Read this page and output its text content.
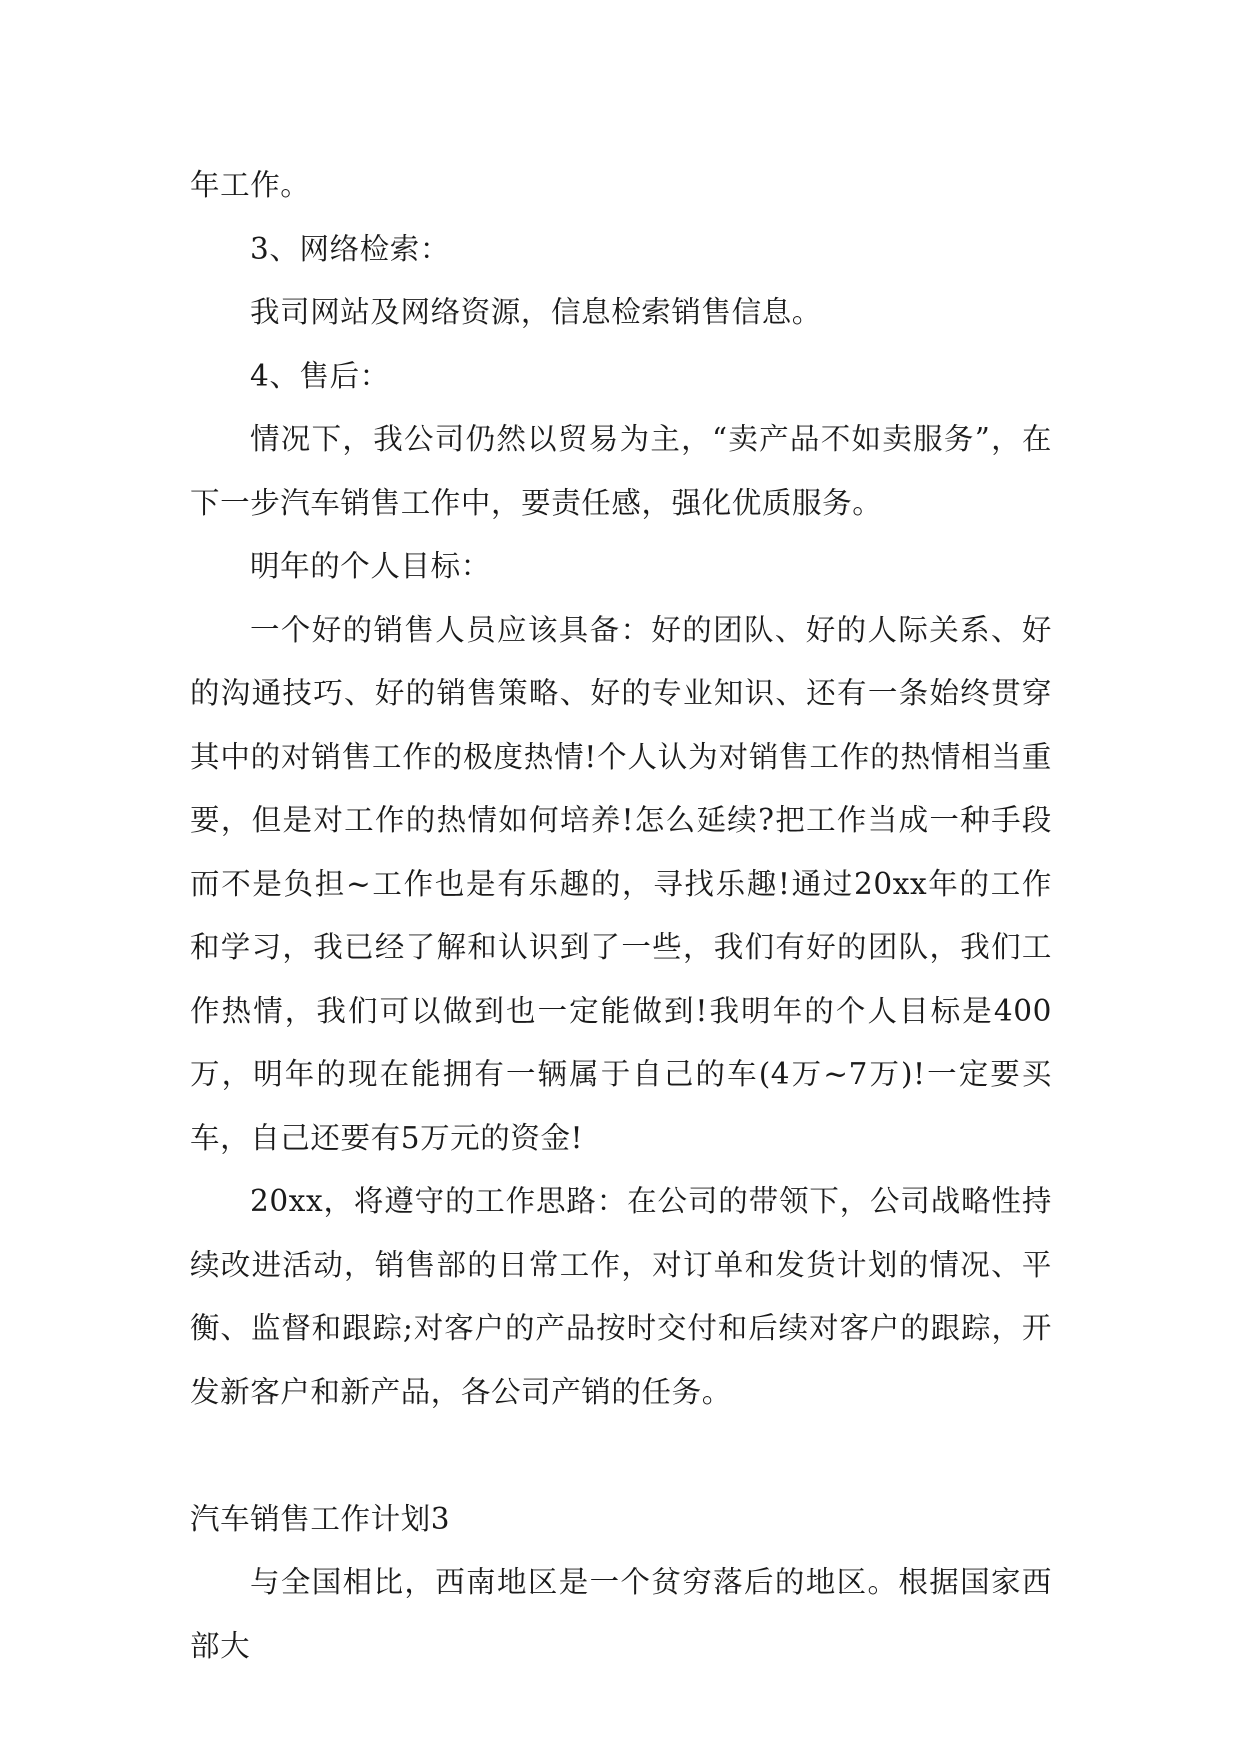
年工作。

3、网络检索：

我司网站及网络资源，信息检索销售信息。

4、售后：

情况下，我公司仍然以贸易为主，“卖产品不如卖服务”，在下一步汽车销售工作中，要责任感，强化优质服务。

明年的个人目标：

一个好的销售人员应该具备：好的团队、好的人际关系、好的沟通技巧、好的销售策略、好的专业知识、还有一条始终贯穿其中的对销售工作的极度热情!个人认为对销售工作的热情相当重要，但是对工作的热情如何培养!怎么延续?把工作当成一种手段而不是负担~工作也是有乐趣的，寻找乐趣!通过20xx年的工作和学习，我已经了解和认识到了一些，我们有好的团队，我们工作热情，我们可以做到也一定能做到!我明年的个人目标是400万，明年的现在能拥有一辆属于自己的车(4万~7万)!一定要买车，自己还要有5万元的资金!

20xx，将遵守的工作思路：在公司的带领下，公司战略性持续改进活动，销售部的日常工作，对订单和发货计划的情况、平衡、监督和跟踪;对客户的产品按时交付和后续对客户的跟踪，开发新客户和新产品，各公司产销的任务。

汽车销售工作计划3

与全国相比，西南地区是一个贫穷落后的地区。根据国家西部大
